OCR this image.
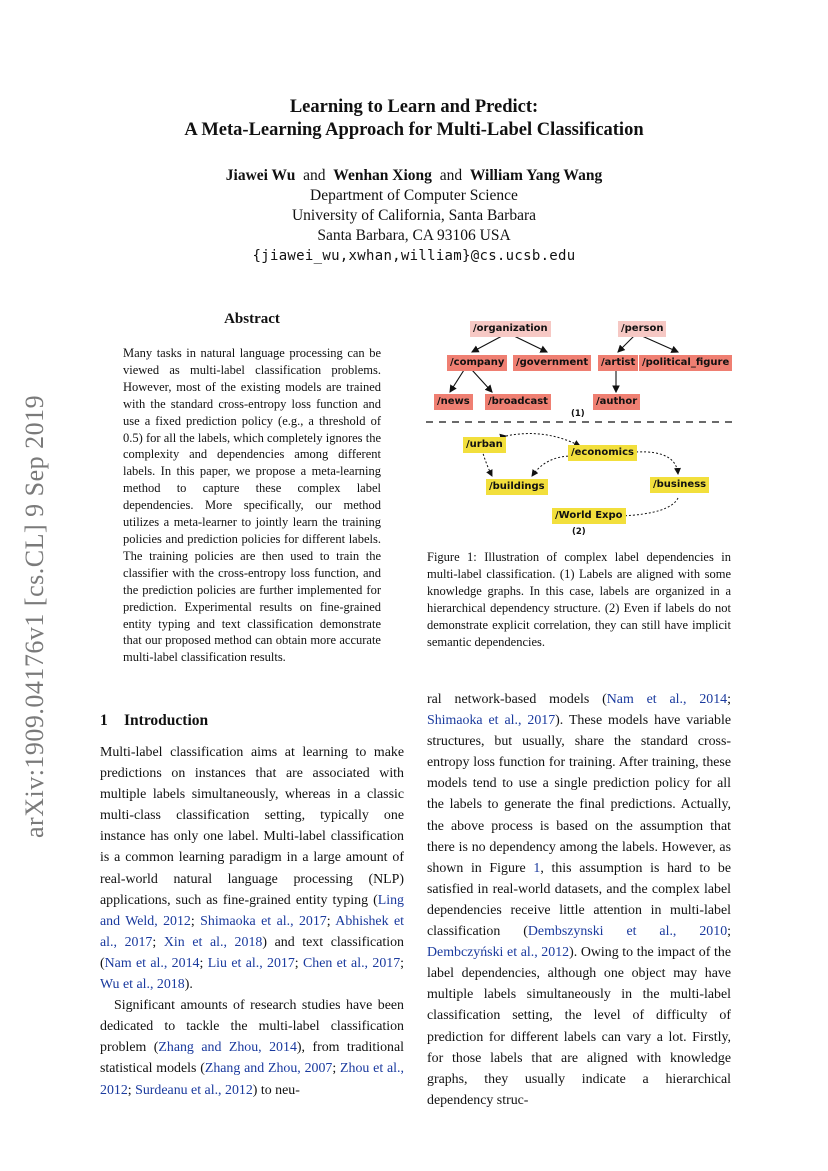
arXiv:1909.04176v1 [cs.CL] 9 Sep 2019
Learning to Learn and Predict:
A Meta-Learning Approach for Multi-Label Classification
Jiawei Wu and Wenhan Xiong and William Yang Wang
Department of Computer Science
University of California, Santa Barbara
Santa Barbara, CA 93106 USA
{jiawei_wu,xwhan,william}@cs.ucsb.edu
Abstract
Many tasks in natural language processing can be viewed as multi-label classification problems. However, most of the existing models are trained with the standard cross-entropy loss function and use a fixed prediction policy (e.g., a threshold of 0.5) for all the labels, which completely ignores the complexity and dependencies among different labels. In this paper, we propose a meta-learning method to capture these complex label dependencies. More specifically, our method utilizes a meta-learner to jointly learn the training policies and prediction policies for different labels. The training policies are then used to train the classifier with the cross-entropy loss function, and the prediction policies are further implemented for prediction. Experimental results on fine-grained entity typing and text classification demonstrate that our proposed method can obtain more accurate multi-label classification results.
1 Introduction

Multi-label classification aims at learning to make predictions on instances that are associated with multiple labels simultaneously, whereas in a classic multi-class classification setting, typically one instance has only one label. Multi-label classification is a common learning paradigm in a large amount of real-world natural language processing (NLP) applications, such as fine-grained entity typing (Ling and Weld, 2012; Shimaoka et al., 2017; Abhishek et al., 2017; Xin et al., 2018) and text classification (Nam et al., 2014; Liu et al., 2017; Chen et al., 2017; Wu et al., 2018).

Significant amounts of research studies have been dedicated to tackle the multi-label classification problem (Zhang and Zhou, 2014), from traditional statistical models (Zhang and Zhou, 2007; Zhou et al., 2012; Surdeanu et al., 2012) to neu-

ral network-based models (Nam et al., 2014; Shimaoka et al., 2017). These models have variable structures, but usually, share the standard cross-entropy loss function for training. After training, these models tend to use a single prediction policy for all the labels to generate the final predictions. Actually, the above process is based on the assumption that there is no dependency among the labels. However, as shown in Figure 1, this assumption is hard to be satisfied in real-world datasets, and the complex label dependencies receive little attention in multi-label classification (Dembszynski et al., 2010; Dembczyński et al., 2012). Owing to the impact of the label dependencies, although one object may have multiple labels simultaneously in the multi-label classification setting, the level of difficulty of prediction for different labels can vary a lot. Firstly, for those labels that are aligned with knowledge graphs, they usually indicate a hierarchical dependency struc-

/organization	/person
/company	/government	/artist /political_figure
/news	/broadcast	/author
(1)
/urban
/economics
/buildings	/business
/World Expo
(2)
Figure 1: Illustration of complex label dependencies in multi-label classification. (1) Labels are aligned with some knowledge graphs. In this case, labels are organized in a hierarchical dependency structure. (2) Even if labels do not demonstrate explicit correlation, they can still have implicit semantic dependencies.
